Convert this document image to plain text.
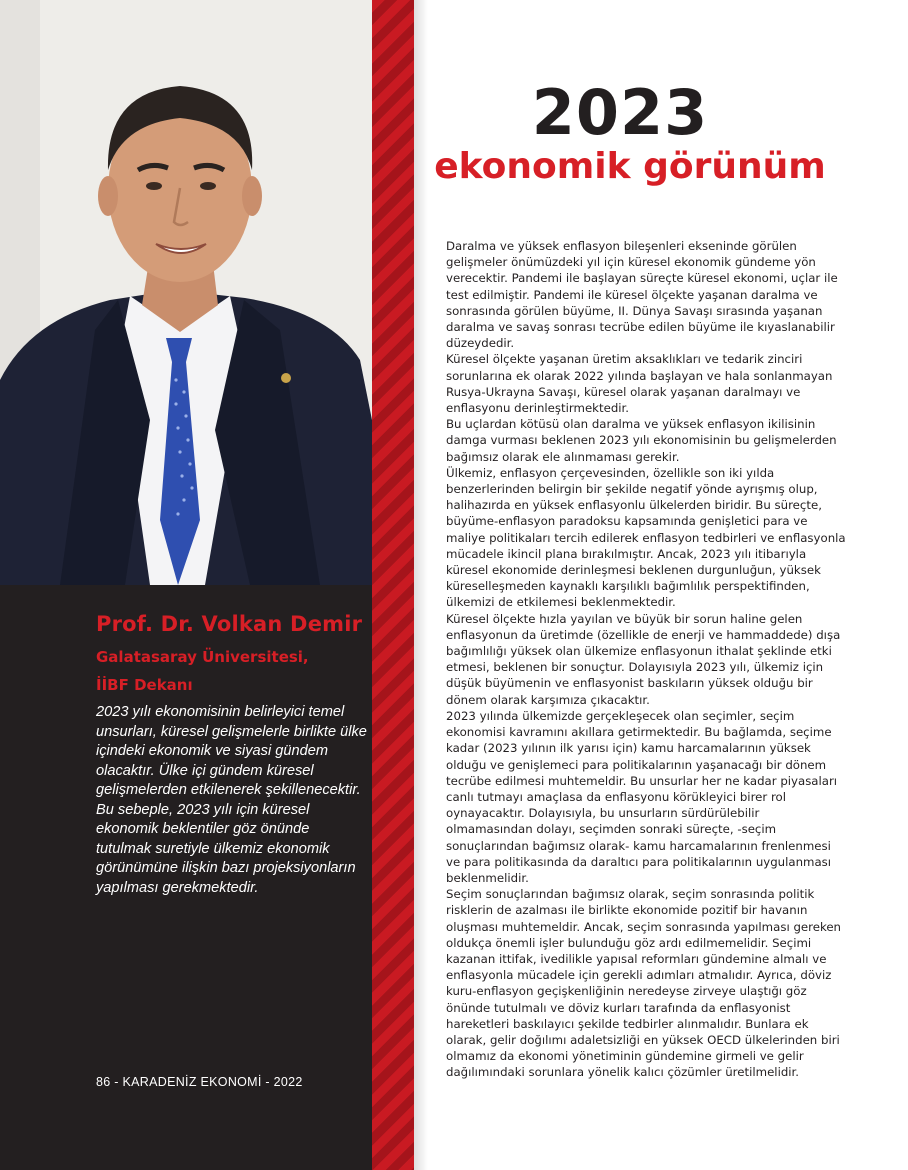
Prof. Dr. Volkan Demir
Galatasaray Üniversitesi,
İİBF Dekanı
2023 yılı ekonomisinin belirleyici temel unsurları, küresel gelişmelerle birlikte ülke içindeki ekonomik ve siyasi gündem olacaktır. Ülke içi gündem küresel gelişmelerden etkilenerek şekillenecektir. Bu sebeple, 2023 yılı için küresel ekonomik beklentiler göz önünde tutulmak suretiyle ülkemiz ekonomik görünümüne ilişkin bazı projeksiyonların yapılması gerekmektedir.
86 - KARADENİZ EKONOMİ - 2022
2023
ekonomik görünüm

Daralma ve yüksek enflasyon bileşenleri ekseninde görülen gelişmeler önümüzdeki yıl için küresel ekonomik gündeme yön verecektir. Pandemi ile başlayan süreçte küresel ekonomi, uçlar ile test edilmiştir. Pandemi ile küresel ölçekte yaşanan daralma ve sonrasında görülen büyüme, II. Dünya Savaşı sırasında yaşanan daralma ve savaş sonrası tecrübe edilen büyüme ile kıyaslanabilir düzeydedir.

Küresel ölçekte yaşanan üretim aksaklıkları ve tedarik zinciri sorunlarına ek olarak 2022 yılında başlayan ve hala sonlanmayan Rusya-Ukrayna Savaşı, küresel olarak yaşanan daralmayı ve enflasyonu derinleştirmektedir.

Bu uçlardan kötüsü olan daralma ve yüksek enflasyon ikilisinin damga vurması beklenen 2023 yılı ekonomisinin bu gelişmelerden bağımsız olarak ele alınmaması gerekir.

Ülkemiz, enflasyon çerçevesinden, özellikle son iki yılda benzerlerinden belirgin bir şekilde negatif yönde ayrışmış olup, halihazırda en yüksek enflasyonlu ülkelerden biridir. Bu süreçte, büyüme-enflasyon paradoksu kapsamında genişletici para ve maliye politikaları tercih edilerek enflasyon tedbirleri ve enflasyonla mücadele ikincil plana bırakılmıştır. Ancak, 2023 yılı itibarıyla küresel ekonomide derinleşmesi beklenen durgunluğun, yüksek küreselleşmeden kaynaklı karşılıklı bağımlılık perspektifinden, ülkemizi de etkilemesi beklenmektedir.

Küresel ölçekte hızla yayılan ve büyük bir sorun haline gelen enflasyonun da üretimde (özellikle de enerji ve hammaddede) dışa bağımlılığı yüksek olan ülkemize enflasyonun ithalat şeklinde etki etmesi, beklenen bir sonuçtur. Dolayısıyla 2023 yılı, ülkemiz için düşük büyümenin ve enflasyonist baskıların yüksek olduğu bir dönem olarak karşımıza çıkacaktır.

2023 yılında ülkemizde gerçekleşecek olan seçimler, seçim ekonomisi kavramını akıllara getirmektedir. Bu bağlamda, seçime kadar (2023 yılının ilk yarısı için) kamu harcamalarının yüksek olduğu ve genişlemeci para politikalarının yaşanacağı bir dönem tecrübe edilmesi muhtemeldir. Bu unsurlar her ne kadar piyasaları canlı tutmayı amaçlasa da enflasyonu körükleyici birer rol oynayacaktır. Dolayısıyla, bu unsurların sürdürülebilir olmamasından dolayı, seçimden sonraki süreçte, -seçim sonuçlarından bağımsız olarak- kamu harcamalarının frenlenmesi ve para politikasında da daraltıcı para politikalarının uygulanması beklenmelidir.

Seçim sonuçlarından bağımsız olarak, seçim sonrasında politik risklerin de azalması ile birlikte ekonomide pozitif bir havanın oluşması muhtemeldir. Ancak, seçim sonrasında yapılması gereken oldukça önemli işler bulunduğu göz ardı edilmemelidir. Seçimi kazanan ittifak, ivedilikle yapısal reformları gündemine almalı ve enflasyonla mücadele için gerekli adımları atmalıdır. Ayrıca, döviz kuru-enflasyon geçişkenliğinin neredeyse zirveye ulaştığı göz önünde tutulmalı ve döviz kurları tarafında da enflasyonist hareketleri baskılayıcı şekilde tedbirler alınmalıdır. Bunlara ek olarak, gelir doğılımı adaletsizliği en yüksek OECD ülkelerinden biri olmamız da ekonomi yönetiminin gündemine girmeli ve gelir dağılımındaki sorunlara yönelik kalıcı çözümler üretilmelidir.
